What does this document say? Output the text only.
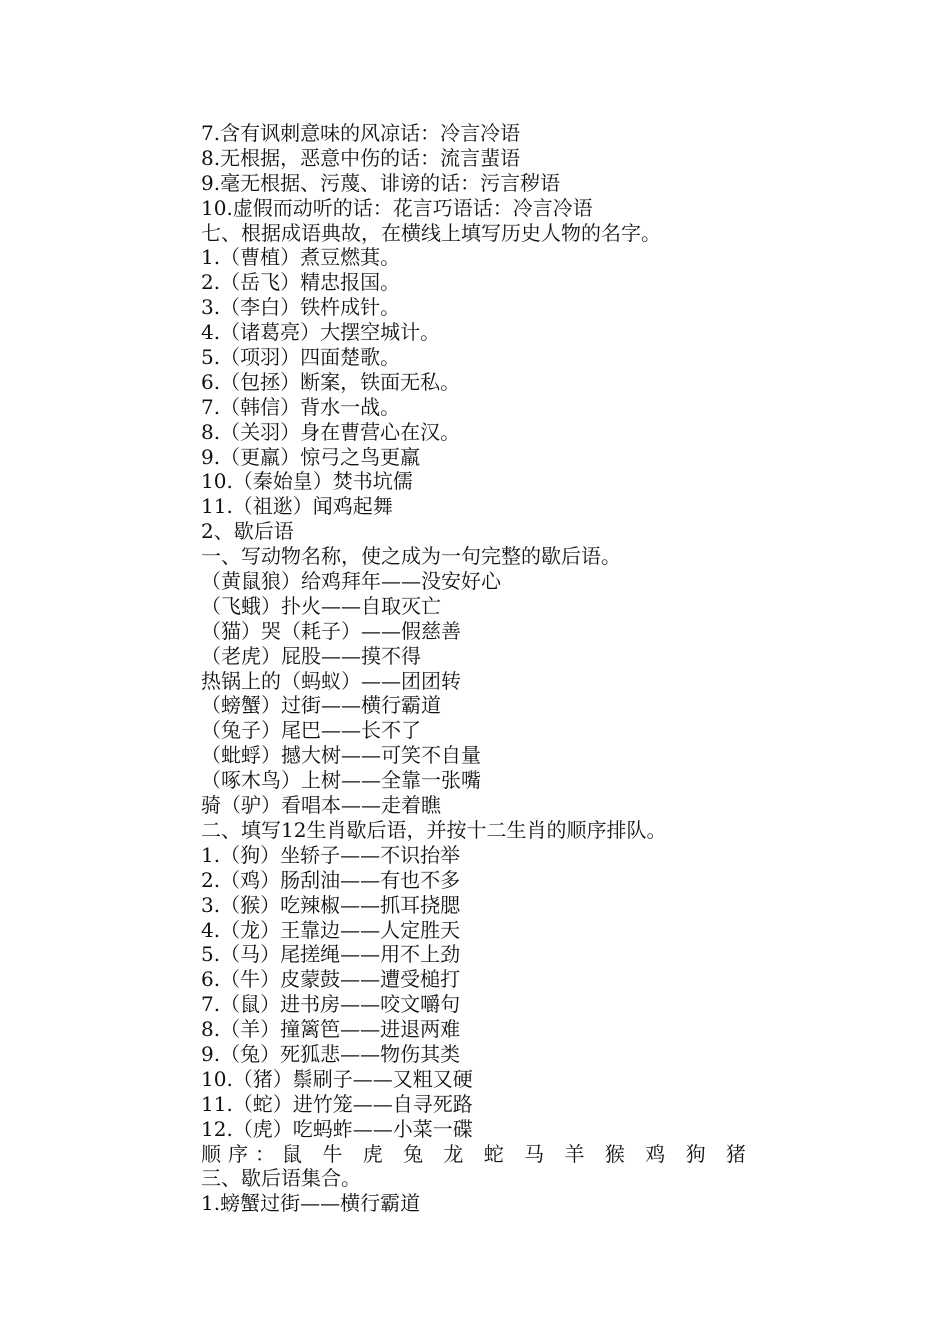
7.含有讽刺意味的风凉话：冷言冷语
8.无根据，恶意中伤的话：流言蜚语
9.毫无根据、污蔑、诽谤的话：污言秽语
10.虚假而动听的话：花言巧语话：冷言冷语
七、根据成语典故，在横线上填写历史人物的名字。
1.（曹植）煮豆燃萁。
2.（岳飞）精忠报国。
3.（李白）铁杵成针。
4.（诸葛亮）大摆空城计。
5.（项羽）四面楚歌。
6.（包拯）断案，铁面无私。
7.（韩信）背水一战。
8.（关羽）身在曹营心在汉。
9.（更羸）惊弓之鸟更羸
10.（秦始皇）焚书坑儒
11.（祖逖）闻鸡起舞
2、歇后语
一、写动物名称，使之成为一句完整的歇后语。
（黄鼠狼）给鸡拜年——没安好心
（飞蛾）扑火——自取灭亡
（猫）哭（耗子）——假慈善
（老虎）屁股——摸不得
热锅上的（蚂蚁）——团团转
（螃蟹）过街——横行霸道
（兔子）尾巴——长不了
（蚍蜉）撼大树——可笑不自量
（啄木鸟）上树——全靠一张嘴
骑（驴）看唱本——走着瞧
二、填写12生肖歇后语，并按十二生肖的顺序排队。
1.（狗）坐轿子——不识抬举
2.（鸡）肠刮油——有也不多
3.（猴）吃辣椒——抓耳挠腮
4.（龙）王靠边——人定胜天
5.（马）尾搓绳——用不上劲
6.（牛）皮蒙鼓——遭受槌打
7.（鼠）进书房——咬文嚼句
8.（羊）撞篱笆——进退两难
9.（兔）死狐悲——物伤其类
10.（猪）鬃刷子——又粗又硬
11.（蛇）进竹笼——自寻死路
12.（虎）吃蚂蚱——小菜一碟
顺序：鼠 牛 虎 兔 龙 蛇 马 羊 猴 鸡 狗 猪
三、歇后语集合。
1.螃蟹过街——横行霸道
